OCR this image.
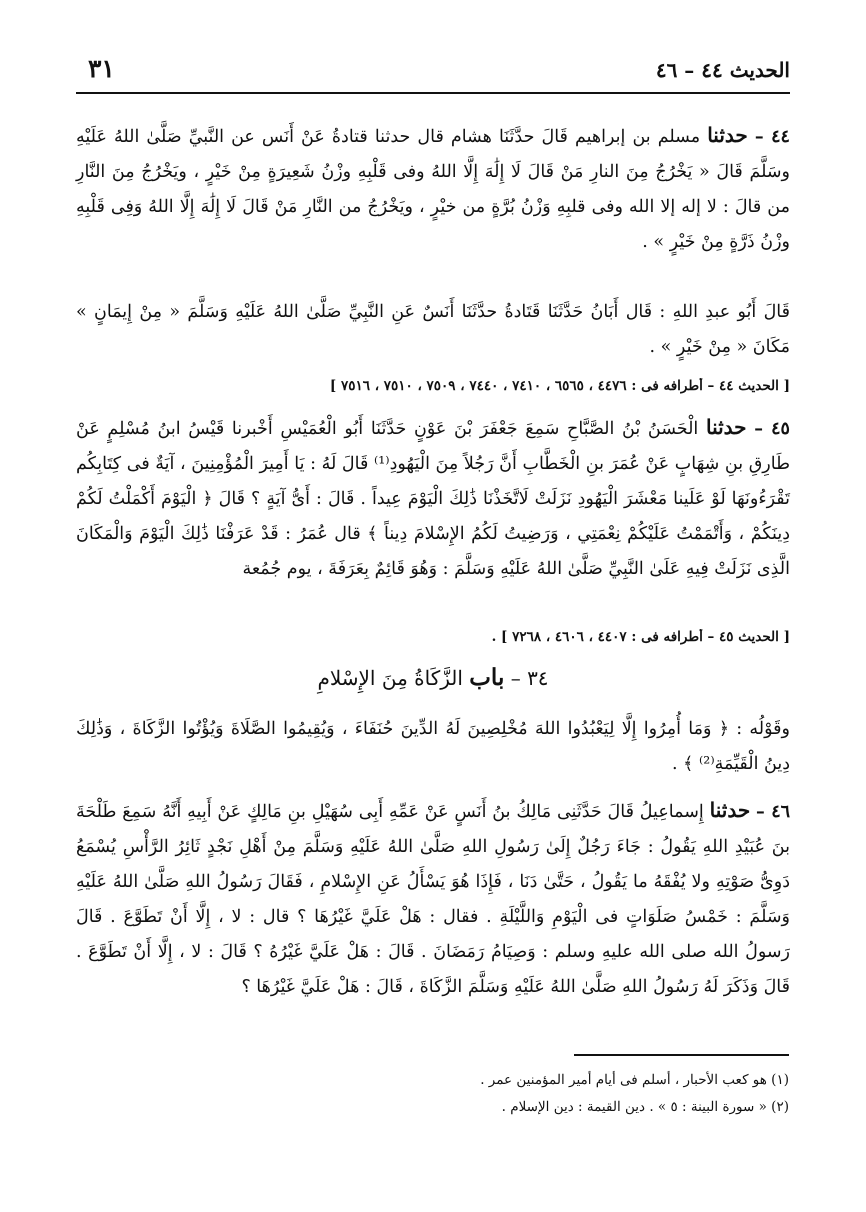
الحديث ٤٤ – ٤٦
٣١

٤٤ – حدثنا مسلم بن إبراهيم قَالَ حدَّثَنَا هشام قال حدثنا قتادةُ عَنْ أَنَس عن النَّبيِّ صَلَّىٰ اللهُ عَلَيْهِ وسَلَّمَ قَالَ « يَخْرُجُ مِنَ النارِ مَنْ قَالَ لَا إِلَٰهَ إِلَّا اللهُ وفى قَلْبِهِ وزْنُ شَعِيرَةٍ مِنْ خَيْرٍ ، ويَخْرُجُ مِنَ النَّارِ من قالَ : لا إله إلا الله وفى قلبِهِ وَزْنُ بُرَّةٍ من خيْرٍ ، ويَخْرُجُ من النَّارِ مَنْ قَالَ لَا إِلَٰهَ إِلَّا اللهُ وَفِى قَلْبِهِ وزْنُ ذَرَّةٍ مِنْ خَيْرٍ » .

قَالَ أَبُو عبدِ اللهِ : قَال أَبَانُ حَدَّثَنَا قَتَادةُ حدَّثَنَا أَنَسٌ عَنِ النَّبِيِّ صَلَّىٰ اللهُ عَلَيْهِ وَسَلَّمَ « مِنْ إِيمَانٍ » مَكَانَ « مِنْ خَيْرٍ » .

[ الحديث ٤٤ – أطرافه فى : ٤٤٧٦ ، ٦٥٦٥ ، ٧٤١٠ ، ٧٤٤٠ ، ٧٥٠٩ ، ٧٥١٠ ، ٧٥١٦ ]

٤٥ – حدثنا الْحَسَنُ بْنُ الصَّبَّاحِ سَمِعَ جَعْفَرَ بْنَ عَوْنٍ حَدَّثَنَا أَبُو الْعُمَيْسِ أَخْبرنا قَيْسُ ابنُ مُسْلِمٍ عَنْ طَارِقِ بنِ شِهَابٍ عَنْ عُمَرَ بنِ الْخَطَّابِ أَنَّ رَجُلاً مِنَ الْيَهُودِ⁽¹⁾ قَالَ لَهُ : يَا أَمِيرَ الْمُؤْمِنِينَ ، آيَةٌ فى كِتَابِكُم تَقْرَءُونَهَا لَوْ عَلَينا مَعْشَرَ الْيَهُودِ نَزَلَتْ لَاتَّخَذْنَا ذَٰلِكَ الْيَوْمَ عِيداً . قَالَ : أَىُّ آيَةٍ ؟ قَالَ ﴿ الْيَوْمَ أَكْمَلْتُ لَكُمْ دِينَكُمْ ، وَأَتْمَمْتُ عَلَيْكُمْ نِعْمَتِي ، وَرَضِيتُ لَكُمُ الإِسْلامَ دِيناً ﴾ قال عُمَرُ : قَدْ عَرَفْنَا ذَٰلِكَ الْيَوْمَ وَالْمَكَانَ الَّذِى نَزَلَتْ فِيهِ عَلَىٰ النَّبِيِّ صَلَّىٰ اللهُ عَلَيْهِ وَسَلَّمَ : وَهُوَ قَائِمٌ بِعَرَفَةَ ، يوم جُمُعة

[ الحديث ٤٥ – أطرافه فى : ٤٤٠٧ ، ٤٦٠٦ ، ٧٢٦٨ ] .
٣٤ – باب الزَّكَاةُ مِنَ الإِسْلامِ

وقَوْلُه : ﴿ وَمَا أُمِرُوا إِلَّا لِيَعْبُدُوا اللهَ مُخْلِصِينَ لَهُ الدِّينَ حُنَفَاءَ ، وَيُقِيمُوا الصَّلَاةَ وَيُؤْتُوا الزَّكَاةَ ، وَذَٰلِكَ دِينُ الْقَيِّمَةِ⁽²⁾ ﴾ .

٤٦ – حدثنا إِسماعِيلُ قَالَ حَدَّثَنِى مَالِكُ بنُ أَنَسٍ عَنْ عَمِّهِ أَبِى سُهَيْلِ بنِ مَالِكٍ عَنْ أَبِيهِ أَنَّهُ سَمِعَ طَلْحَةَ بنَ عُبَيْدِ اللهِ يَقُولُ : جَاءَ رَجُلٌ إِلَىٰ رَسُولِ اللهِ صَلَّىٰ اللهُ عَلَيْهِ وَسَلَّمَ مِنْ أَهْلِ نَجْدٍ ثَائِرُ الرَّأْسِ يُسْمَعُ دَوِىُّ صَوْتِهِ ولا يُفْقَهُ ما يَقُولُ ، حَتَّىٰ دَنَا ، فَإِذَا هُوَ يَسْأَلُ عَنِ الإِسْلامِ ، فَقَالَ رَسُولُ اللهِ صَلَّىٰ اللهُ عَلَيْهِ وَسَلَّمَ : خَمْسُ صَلَوَاتٍ فى الْيَوْمِ وَاللَّيْلَةِ . فقال : هَلْ عَلَيَّ غَيْرُهَا ؟ قال : لا ، إِلَّا أَنْ تَطَوَّعَ . قَالَ رَسولُ الله صلى الله عليهِ وسلم : وَصِيَامُ رَمَضَانَ . قَالَ : هَلْ عَلَيَّ غَيْرُهُ ؟ قَالَ : لا ، إِلَّا أَنْ تَطَوَّعَ . قَالَ وَذَكَرَ لَهُ رَسُولُ اللهِ صَلَّىٰ اللهُ عَلَيْهِ وَسَلَّمَ الزَّكَاةَ ، قَالَ : هَلْ عَلَيَّ غَيْرُهَا ؟

(١) هو كعب الأحبار ، أسلم فى أيام أمير المؤمنين عمر .
(٢) « سورة البينة : ٥ » . دين القيمة : دين الإسلام .
